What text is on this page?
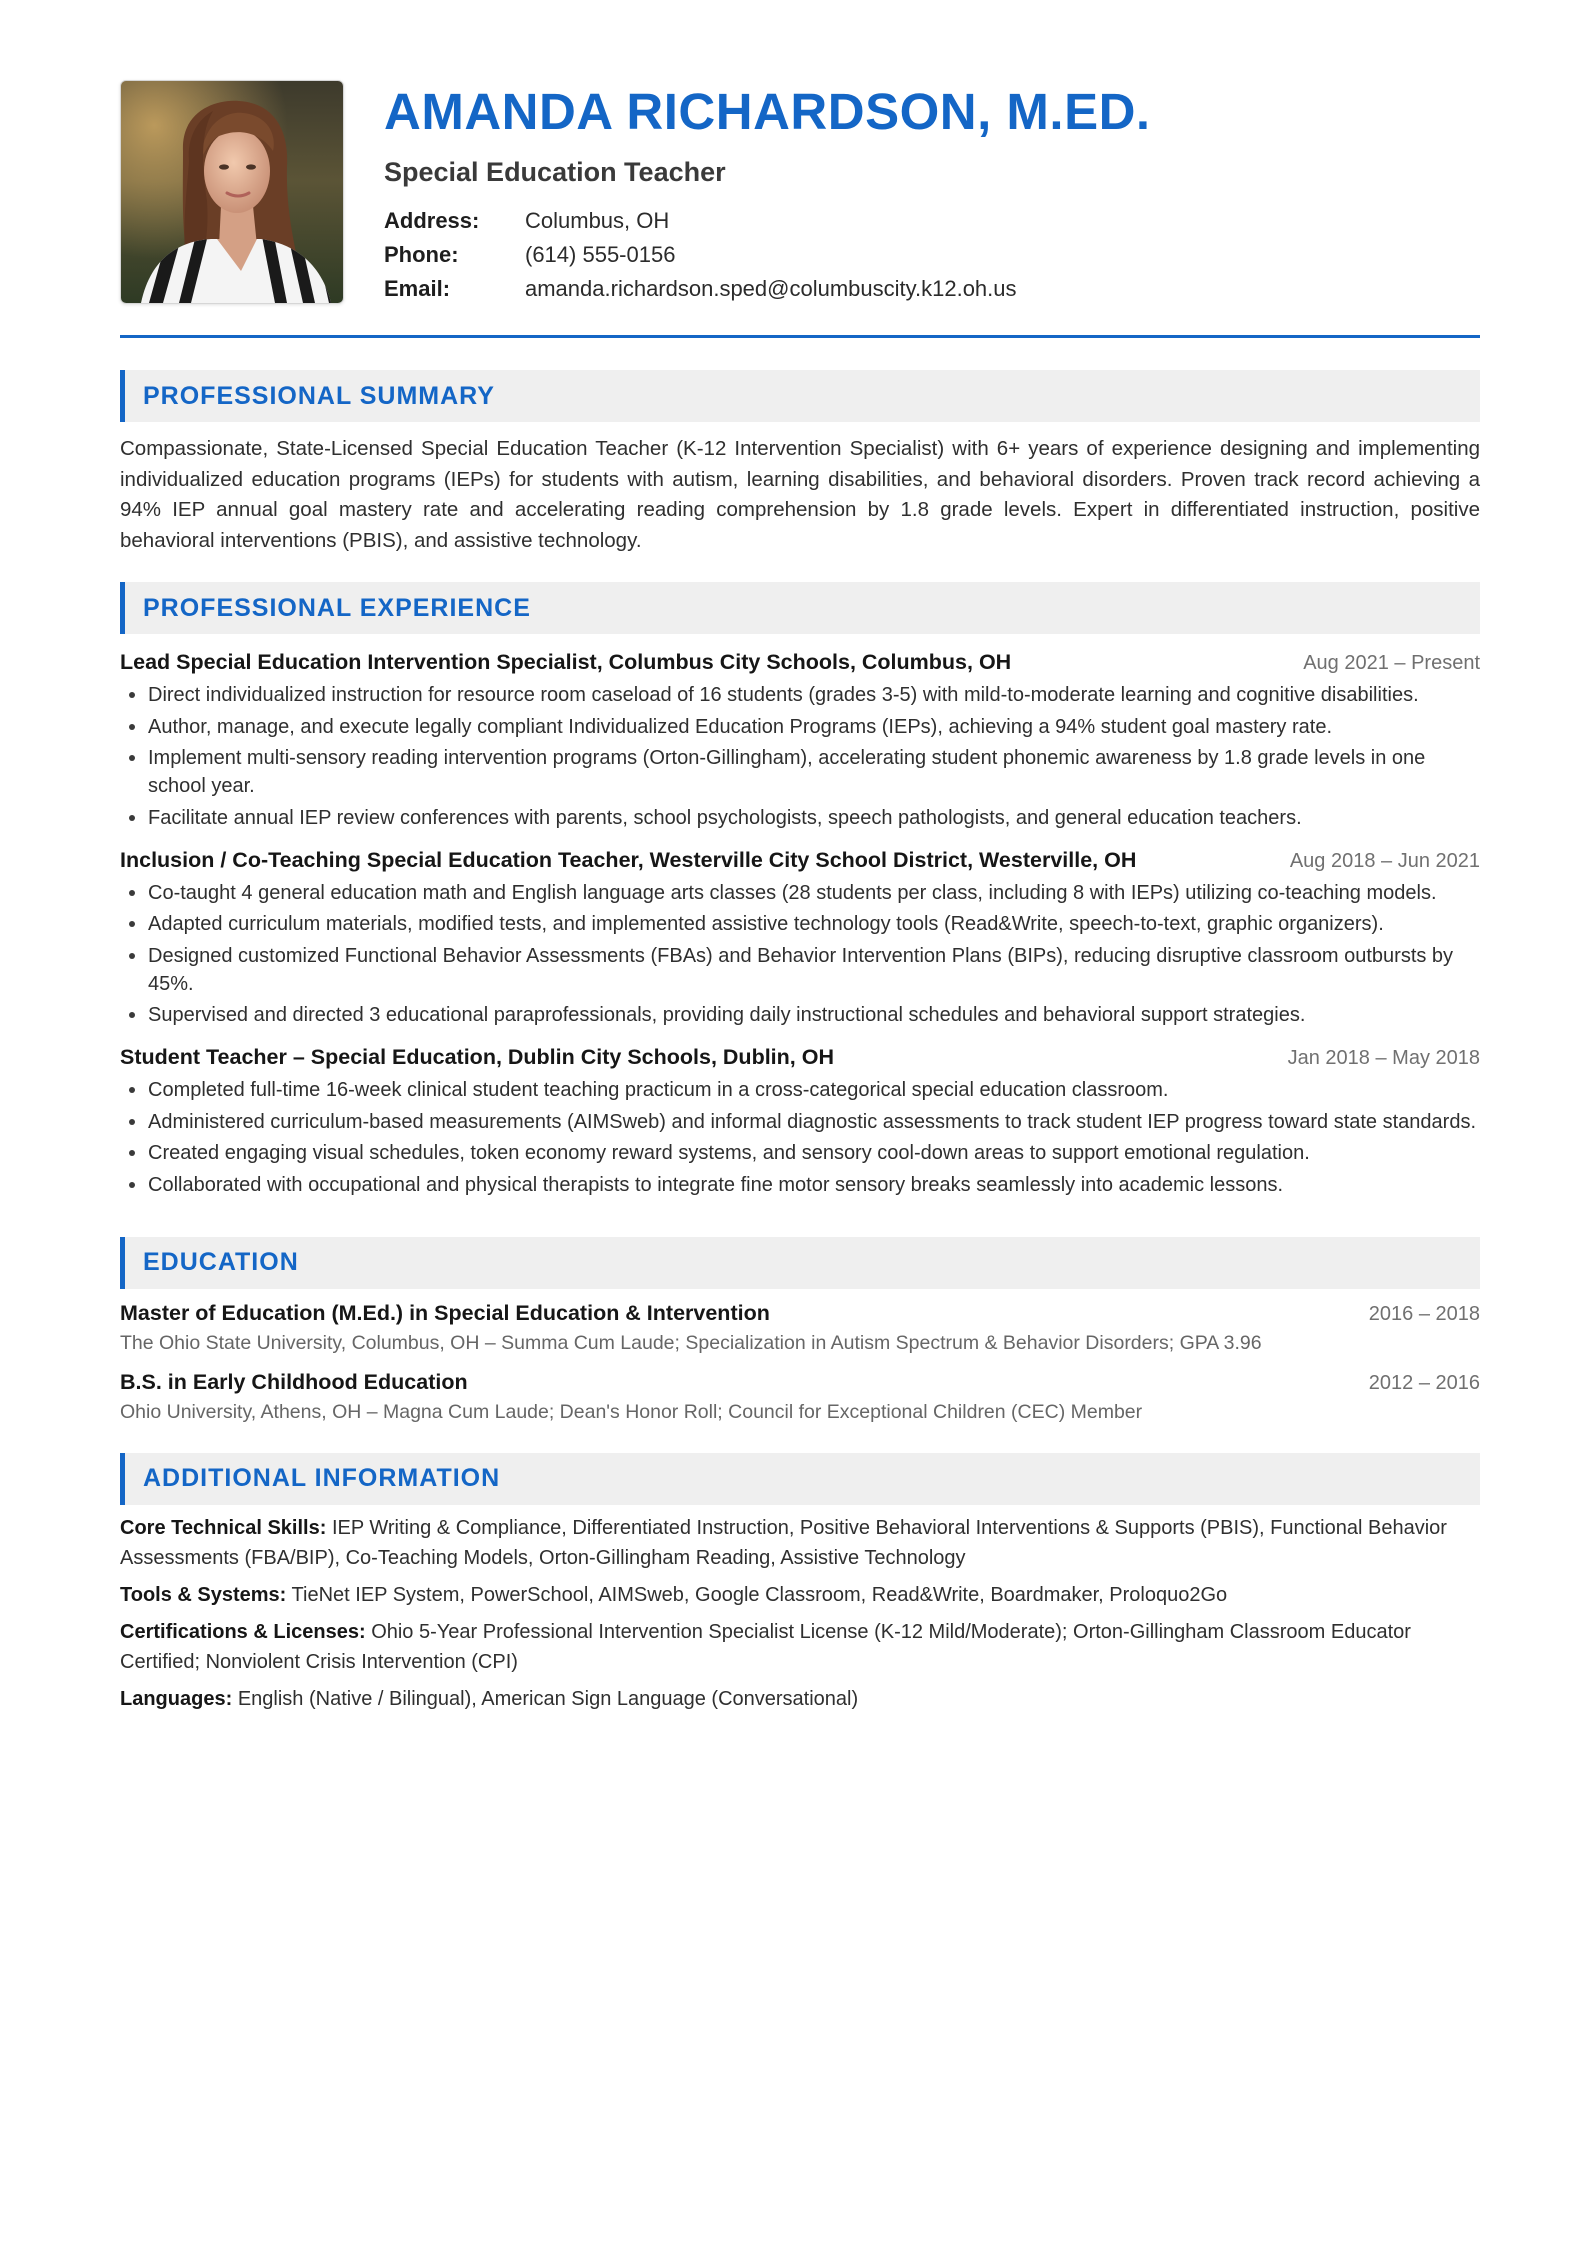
AMANDA RICHARDSON, M.ED.
Special Education Teacher
Address:	Columbus, OH
Phone:	(614) 555-0156
Email:	amanda.richardson.sped@columbuscity.k12.oh.us
PROFESSIONAL SUMMARY
Compassionate, State-Licensed Special Education Teacher (K-12 Intervention Specialist) with 6+ years of experience designing and implementing individualized education programs (IEPs) for students with autism, learning disabilities, and behavioral disorders. Proven track record achieving a 94% IEP annual goal mastery rate and accelerating reading comprehension by 1.8 grade levels. Expert in differentiated instruction, positive behavioral interventions (PBIS), and assistive technology.
PROFESSIONAL EXPERIENCE
Lead Special Education Intervention Specialist, Columbus City Schools, Columbus, OH	Aug 2021 – Present
Direct individualized instruction for resource room caseload of 16 students (grades 3-5) with mild-to-moderate learning and cognitive disabilities.
Author, manage, and execute legally compliant Individualized Education Programs (IEPs), achieving a 94% student goal mastery rate.
Implement multi-sensory reading intervention programs (Orton-Gillingham), accelerating student phonemic awareness by 1.8 grade levels in one school year.
Facilitate annual IEP review conferences with parents, school psychologists, speech pathologists, and general education teachers.
Inclusion / Co-Teaching Special Education Teacher, Westerville City School District, Westerville, OH	Aug 2018 – Jun 2021
Co-taught 4 general education math and English language arts classes (28 students per class, including 8 with IEPs) utilizing co-teaching models.
Adapted curriculum materials, modified tests, and implemented assistive technology tools (Read&Write, speech-to-text, graphic organizers).
Designed customized Functional Behavior Assessments (FBAs) and Behavior Intervention Plans (BIPs), reducing disruptive classroom outbursts by 45%.
Supervised and directed 3 educational paraprofessionals, providing daily instructional schedules and behavioral support strategies.
Student Teacher – Special Education, Dublin City Schools, Dublin, OH	Jan 2018 – May 2018
Completed full-time 16-week clinical student teaching practicum in a cross-categorical special education classroom.
Administered curriculum-based measurements (AIMSweb) and informal diagnostic assessments to track student IEP progress toward state standards.
Created engaging visual schedules, token economy reward systems, and sensory cool-down areas to support emotional regulation.
Collaborated with occupational and physical therapists to integrate fine motor sensory breaks seamlessly into academic lessons.
EDUCATION
Master of Education (M.Ed.) in Special Education & Intervention	2016 – 2018
The Ohio State University, Columbus, OH – Summa Cum Laude; Specialization in Autism Spectrum & Behavior Disorders; GPA 3.96
B.S. in Early Childhood Education	2012 – 2016
Ohio University, Athens, OH – Magna Cum Laude; Dean's Honor Roll; Council for Exceptional Children (CEC) Member
ADDITIONAL INFORMATION
Core Technical Skills: IEP Writing & Compliance, Differentiated Instruction, Positive Behavioral Interventions & Supports (PBIS), Functional Behavior Assessments (FBA/BIP), Co-Teaching Models, Orton-Gillingham Reading, Assistive Technology
Tools & Systems: TieNet IEP System, PowerSchool, AIMSweb, Google Classroom, Read&Write, Boardmaker, Proloquo2Go
Certifications & Licenses: Ohio 5-Year Professional Intervention Specialist License (K-12 Mild/Moderate); Orton-Gillingham Classroom Educator Certified; Nonviolent Crisis Intervention (CPI)
Languages: English (Native / Bilingual), American Sign Language (Conversational)
